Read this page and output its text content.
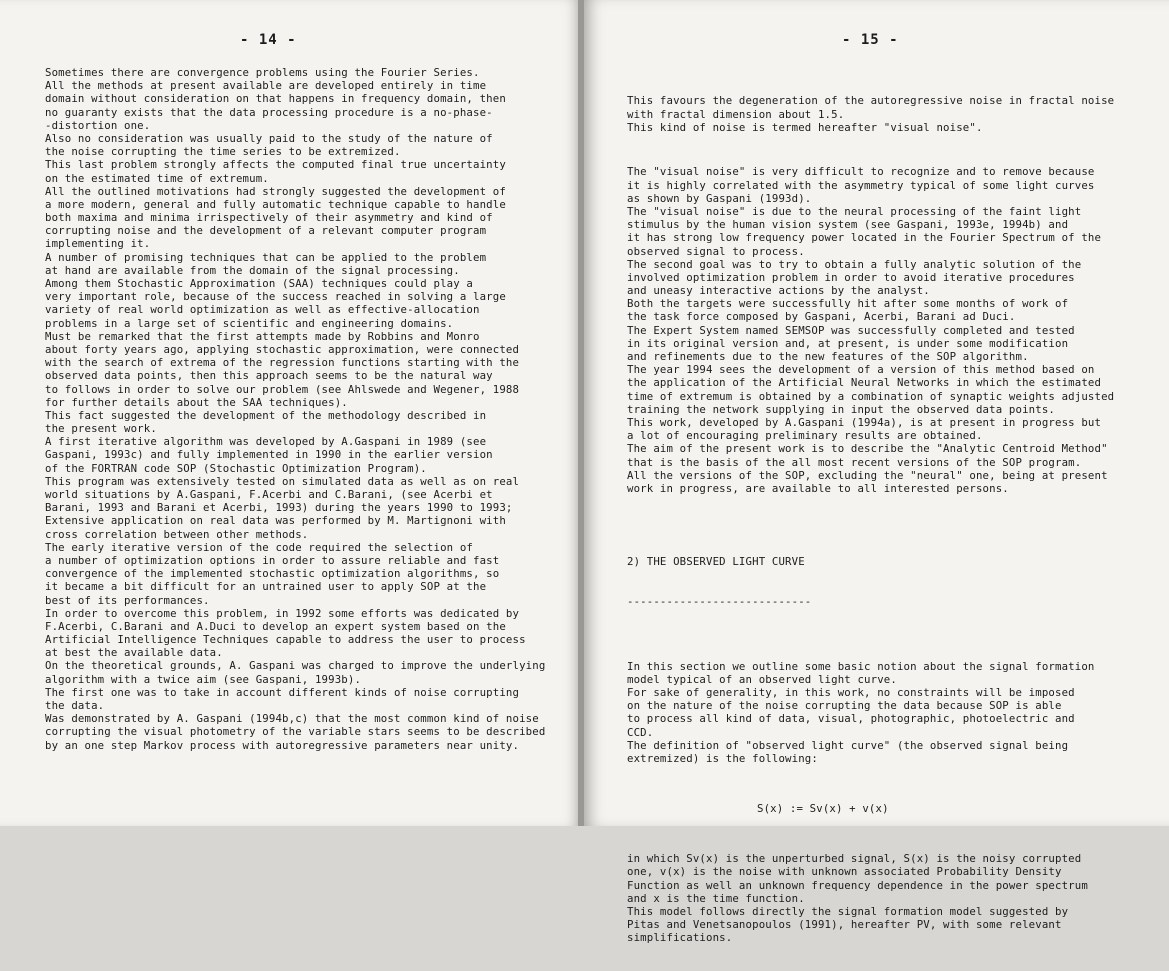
- 14 -
Sometimes there are convergence problems using the Fourier Series.
All the methods at present available are developed entirely in time
domain without consideration on that happens in frequency domain, then
no guaranty exists that the data processing procedure is a no-phase-
-distortion one.
Also no consideration was usually paid to the study of the nature of
the noise corrupting the time series to be extremized.
This last problem strongly affects the computed final true uncertainty
on the estimated time of extremum.
All the outlined motivations had strongly suggested the development of
a more modern, general and fully automatic technique capable to handle
both maxima and minima irrispectively of their asymmetry and kind of
corrupting noise and the development of a relevant computer program
implementing it.
A number of promising techniques that can be applied to the problem
at hand are available from the domain of the signal processing.
Among them Stochastic Approximation (SAA) techniques could play a
very important role, because of the success reached in solving a large
variety of real world optimization as well as effective-allocation
problems in a large set of scientific and engineering domains.
Must be remarked that the first attempts made by Robbins and Monro
about forty years ago, applying stochastic approximation, were connected
with the search of extrema of the regression functions starting with the
observed data points, then this approach seems to be the natural way
to follows in order to solve our problem (see Ahlswede and Wegener, 1988
for further details about the SAA techniques).
This fact suggested the development of the methodology described in
the present work.
A first iterative algorithm was developed by A.Gaspani in 1989 (see
Gaspani, 1993c) and fully implemented in 1990 in the earlier version
of the FORTRAN code SOP (Stochastic Optimization Program).
This program was extensively tested on simulated data as well as on real
world situations by A.Gaspani, F.Acerbi and C.Barani, (see Acerbi et
Barani, 1993 and Barani et Acerbi, 1993) during the years 1990 to 1993;
Extensive application on real data was performed by M. Martignoni with
cross correlation between other methods.
The early iterative version of the code required the selection of
a number of optimization options in order to assure reliable and fast
convergence of the implemented stochastic optimization algorithms, so
it became a bit difficult for an untrained user to apply SOP at the
best of its performances.
In order to overcome this problem, in 1992 some efforts was dedicated by
F.Acerbi, C.Barani and A.Duci to develop an expert system based on the
Artificial Intelligence Techniques capable to address the user to process
at best the available data.
On the theoretical grounds, A. Gaspani was charged to improve the underlying
algorithm with a twice aim (see Gaspani, 1993b).
The first one was to take in account different kinds of noise corrupting
the data.
Was demonstrated by A. Gaspani (1994b,c) that the most common kind of noise
corrupting the visual photometry of the variable stars seems to be described
by an one step Markov process with autoregressive parameters near unity.
- 15 -

This favours the degeneration of the autoregressive noise in fractal noise
with fractal dimension about 1.5.
This kind of noise is termed hereafter "visual noise".

The "visual noise" is very difficult to recognize and to remove because
it is highly correlated with the asymmetry typical of some light curves
as shown by Gaspani (1993d).
The "visual noise" is due to the neural processing of the faint light
stimulus by the human vision system (see Gaspani, 1993e, 1994b) and
it has strong low frequency power located in the Fourier Spectrum of the
observed signal to process.
The second goal was to try to obtain a fully analytic solution of the
involved optimization problem in order to avoid iterative procedures
and uneasy interactive actions by the analyst.
Both the targets were successfully hit after some months of work of
the task force composed by Gaspani, Acerbi, Barani ad Duci.
The Expert System named SEMSOP was successfully completed and tested
in its original version and, at present, is under some modification
and refinements due to the new features of the SOP algorithm.
The year 1994 sees the development of a version of this method based on
the application of the Artificial Neural Networks in which the estimated
time of extremum is obtained by a combination of synaptic weights adjusted
training the network supplying in input the observed data points.
This work, developed by A.Gaspani (1994a), is at present in progress but
a lot of encouraging preliminary results are obtained.
The aim of the present work is to describe the "Analytic Centroid Method"
that is the basis of the all most recent versions of the SOP program.
All the versions of the SOP, excluding the "neural" one, being at present
work in progress, are available to all interested persons.

2) THE OBSERVED LIGHT CURVE

----------------------------

In this section we outline some basic notion about the signal formation
model typical of an observed light curve.
For sake of generality, in this work, no constraints will be imposed
on the nature of the noise corrupting the data because SOP is able
to process all kind of data, visual, photographic, photoelectric and
CCD.
The definition of "observed light curve" (the observed signal being
extremized) is the following:

S(x) := Sv(x) + v(x)

in which Sv(x) is the unperturbed signal, S(x) is the noisy corrupted
one, v(x) is the noise with unknown associated Probability Density
Function as well an unknown frequency dependence in the power spectrum
and x is the time function.
This model follows directly the signal formation model suggested by
Pitas and Venetsanopoulos (1991), hereafter PV, with some relevant
simplifications.
